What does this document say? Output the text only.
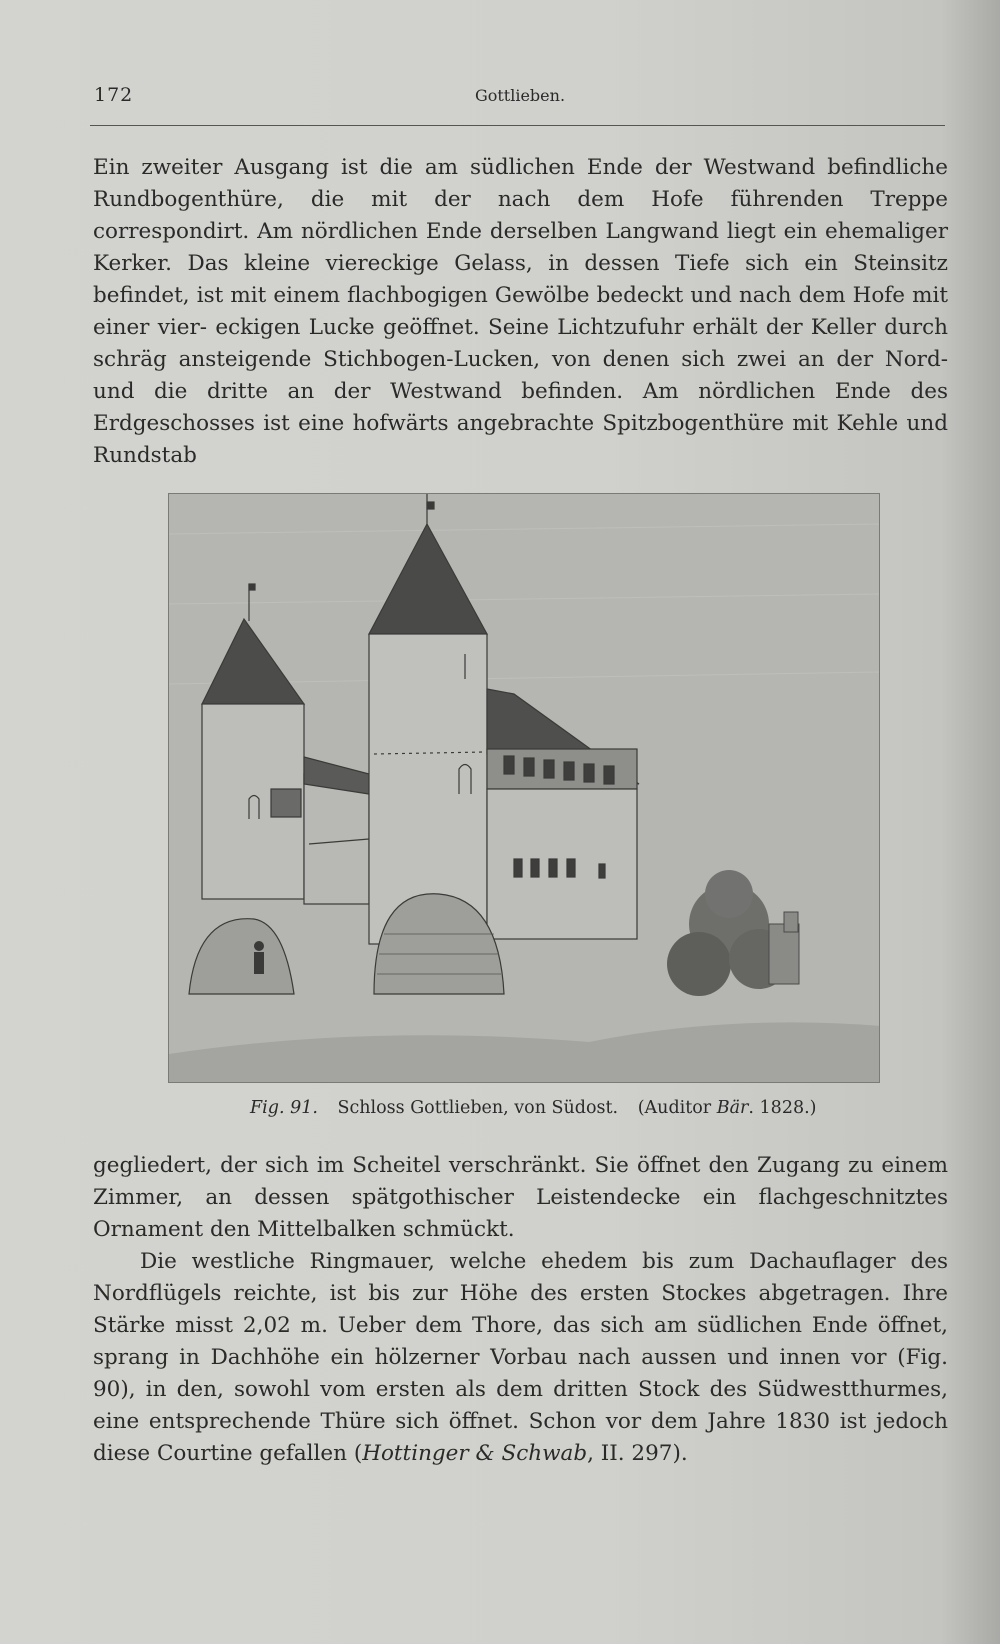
172	Gottlieben.

Ein zweiter Ausgang ist die am südlichen Ende der Westwand befindliche Rundbogenthüre, die mit der nach dem Hofe führenden Treppe correspondirt. Am nördlichen Ende derselben Langwand liegt ein ehemaliger Kerker. Das kleine viereckige Gelass, in dessen Tiefe sich ein Steinsitz befindet, ist mit einem flachbogigen Gewölbe bedeckt und nach dem Hofe mit einer vier- eckigen Lucke geöffnet. Seine Lichtzufuhr erhält der Keller durch schräg ansteigende Stichbogen-Lucken, von denen sich zwei an der Nord- und die dritte an der Westwand befinden. Am nördlichen Ende des Erdgeschosses ist eine hofwärts angebrachte Spitzbogenthüre mit Kehle und Rundstab

Fig. 91. Schloss Gottlieben, von Südost. (Auditor Bär. 1828.)

gegliedert, der sich im Scheitel verschränkt. Sie öffnet den Zugang zu einem Zimmer, an dessen spätgothischer Leistendecke ein flachgeschnitztes Ornament den Mittelbalken schmückt.

Die westliche Ringmauer, welche ehedem bis zum Dachauflager des Nordflügels reichte, ist bis zur Höhe des ersten Stockes abgetragen. Ihre Stärke misst 2,02 m. Ueber dem Thore, das sich am südlichen Ende öffnet, sprang in Dachhöhe ein hölzerner Vorbau nach aussen und innen vor (Fig. 90), in den, sowohl vom ersten als dem dritten Stock des Südwestthurmes, eine entsprechende Thüre sich öffnet. Schon vor dem Jahre 1830 ist jedoch diese Courtine gefallen (Hottinger & Schwab, II. 297).
